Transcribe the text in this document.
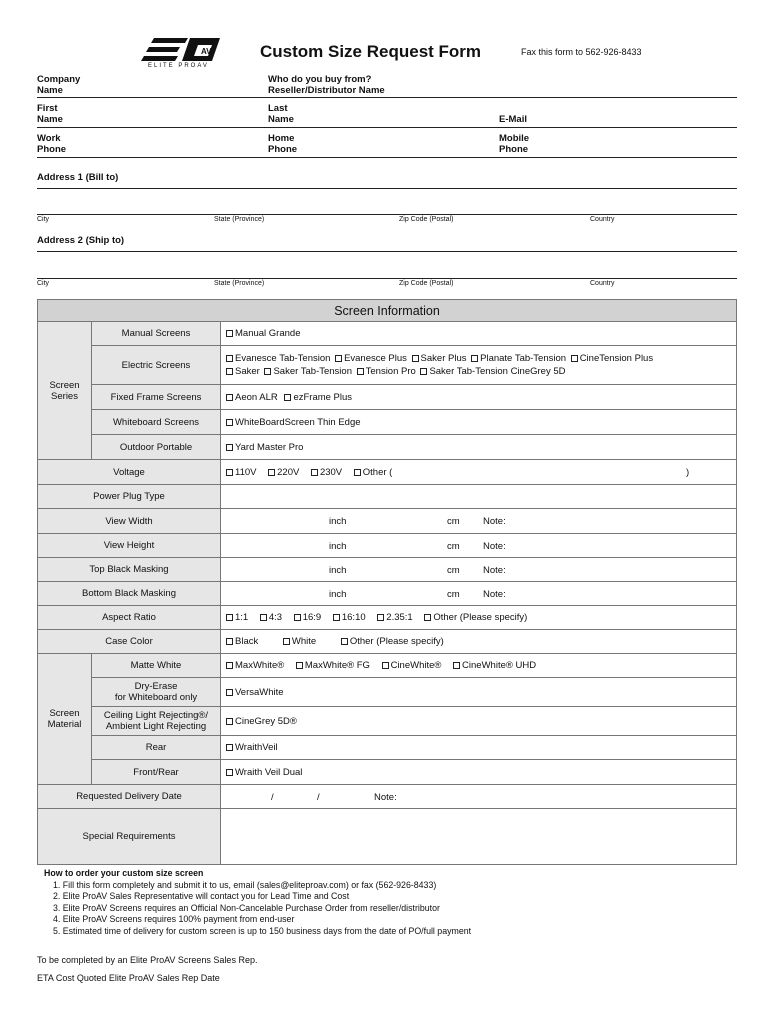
AV
ELITE PROAV
Custom Size Request Form	Fax this form to 562-926-8433
Company
Name
Who do you buy from?
Reseller/Distributor Name
First
Name
Last
Name	E-Mail
Work
Phone
Home
Phone
Mobile
Phone
Address 1 (Bill to)
City	State (Province)	Zip Code (Postal)	Country
Address 2 (Ship to)
City	State (Province)	Zip Code (Postal)	Country
Screen Information		

Screen
Series	Manual Screens	Manual Grande
	Electric Screens	Evanesce Tab-Tension Evanesce Plus Saker Plus Planate Tab-Tension CineTension Plus
Saker Saker Tab-Tension Tension Pro Saker Tab-Tension CineGrey 5D

	Fixed Frame Screens	Aeon ALR ezFrame Plus
	Whiteboard Screens	WhiteBoardScreen Thin Edge
	Outdoor Portable	Yard Master Pro
Voltage		110V 220V 230V Other ( )

Power Plug Type		
View Width		inch cm Note:

View Height		inch cm Note:

Top Black Masking		inch cm Note:

Bottom Black Masking		inch cm Note:

Aspect Ratio		1:1 4:3 16:9 16:10 2.35:1 Other (Please specify)
Case Color		Black White Other (Please specify)

Screen
Material	Matte White	MaxWhite® MaxWhite® FG CineWhite® CineWhite® UHD

	Dry-Erase
for Whiteboard only	VersaWhite

	Ceiling Light Rejecting®/
Ambient Light Rejecting	CineGrey 5D®
	Rear	WraithVeil
	Front/Rear	Wraith Veil Dual
Requested Delivery Date		/ / Note:

Special Requirements		
How to order your custom size screen
1. Fill this form completely and submit it to us, email (sales@eliteproav.com) or fax (562-926-8433)
2. Elite ProAV Sales Representative will contact you for Lead Time and Cost
3. Elite ProAV Screens requires an Official Non-Cancelable Purchase Order from reseller/distributor
4. Elite ProAV Screens requires 100% payment from end-user
5. Estimated time of delivery for custom screen is up to 150 business days from the date of PO/full payment
To be completed by an Elite ProAV Screens Sales Rep.
ETA Cost Quoted Elite ProAV Sales Rep Date
